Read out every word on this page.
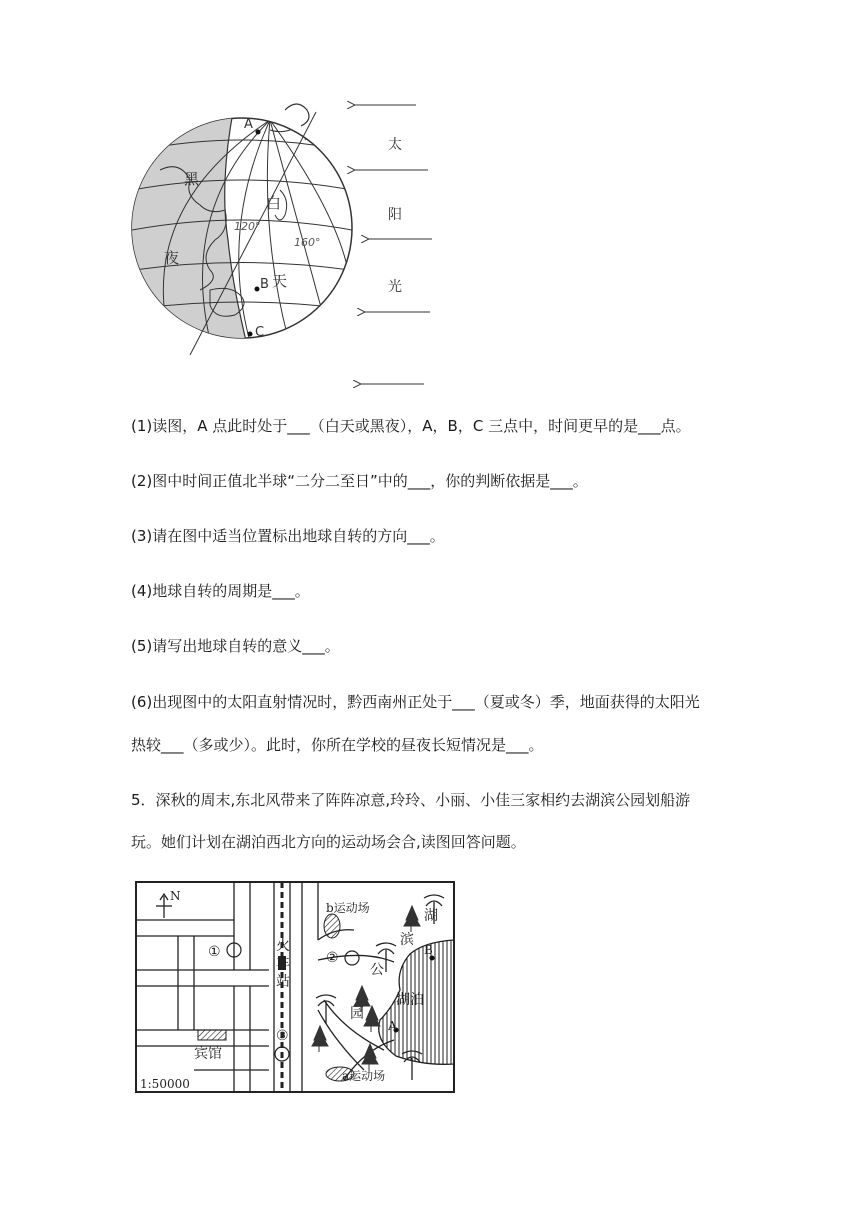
A
B
C
黑
夜
白
天
120°
160°
太
阳
光
(1)读图，A 点此时处于___（白天或黑夜），A，B，C 三点中，时间更早的是___点。
(2)图中时间正值北半球“二分二至日”中的___，你的判断依据是___。
(3)请在图中适当位置标出地球自转的方向___。
(4)地球自转的周期是___。
(5)请写出地球自转的意义___。
(6)出现图中的太阳直射情况时，黔西南州正处于___（夏或冬）季，地面获得的太阳光
热较___（多或少）。此时，你所在学校的昼夜长短情况是___。
5．深秋的周末,东北风带来了阵阵凉意,玲玲、小丽、小佳三家相约去湖滨公园划船游
玩。她们计划在湖泊西北方向的运动场会合,读图回答问题。
N
b运动场
a运动场
火
车
站
湖
滨
公
园
湖泊
宾馆
1:50000
①	②
③
A
B
